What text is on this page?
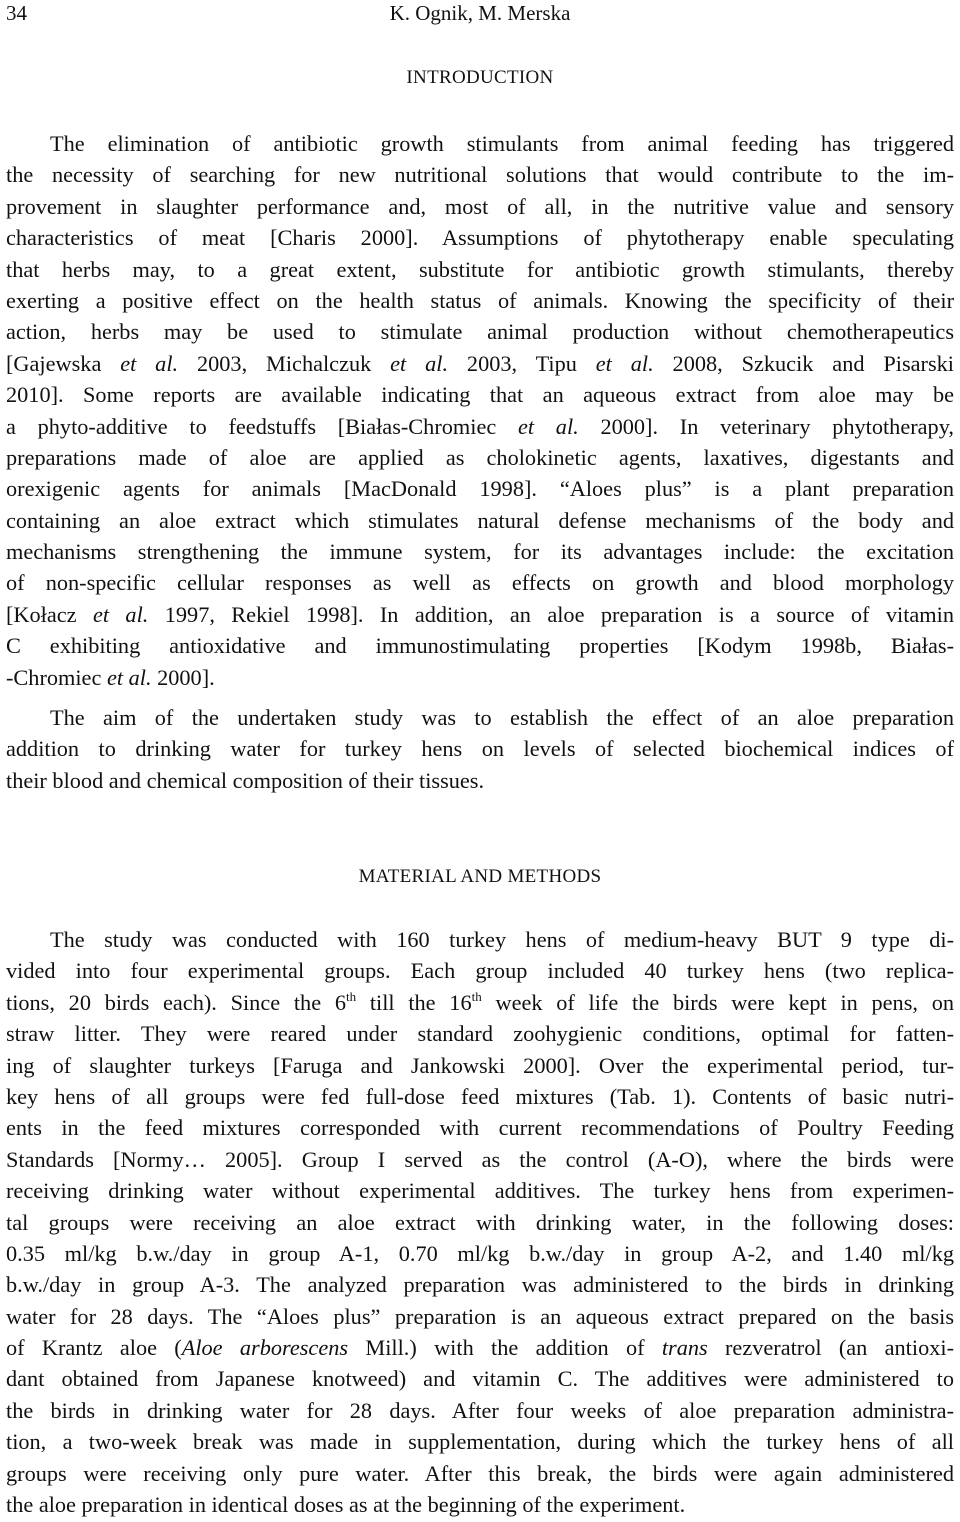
34	K. Ognik, M. Merska
INTRODUCTION
The elimination of antibiotic growth stimulants from animal feeding has triggered
the necessity of searching for new nutritional solutions that would contribute to the im-
provement in slaughter performance and, most of all, in the nutritive value and sensory
characteristics of meat [Charis 2000]. Assumptions of phytotherapy enable speculating
that herbs may, to a great extent, substitute for antibiotic growth stimulants, thereby
exerting a positive effect on the health status of animals. Knowing the specificity of their
action, herbs may be used to stimulate animal production without chemotherapeutics
[Gajewska et al. 2003, Michalczuk et al. 2003, Tipu et al. 2008, Szkucik and Pisarski
2010]. Some reports are available indicating that an aqueous extract from aloe may be
a phyto-additive to feedstuffs [Białas-Chromiec et al. 2000]. In veterinary phytotherapy,
preparations made of aloe are applied as cholokinetic agents, laxatives, digestants and
orexigenic agents for animals [MacDonald 1998]. “Aloes plus” is a plant preparation
containing an aloe extract which stimulates natural defense mechanisms of the body and
mechanisms strengthening the immune system, for its advantages include: the excitation
of non-specific cellular responses as well as effects on growth and blood morphology
[Kołacz et al. 1997, Rekiel 1998]. In addition, an aloe preparation is a source of vitamin
C exhibiting antioxidative and immunostimulating properties [Kodym 1998b, Białas-
-Chromiec et al. 2000].
The aim of the undertaken study was to establish the effect of an aloe preparation
addition to drinking water for turkey hens on levels of selected biochemical indices of
their blood and chemical composition of their tissues.
MATERIAL AND METHODS
The study was conducted with 160 turkey hens of medium-heavy BUT 9 type di-
vided into four experimental groups. Each group included 40 turkey hens (two replica-
tions, 20 birds each). Since the 6th till the 16th week of life the birds were kept in pens, on
straw litter. They were reared under standard zoohygienic conditions, optimal for fatten-
ing of slaughter turkeys [Faruga and Jankowski 2000]. Over the experimental period, tur-
key hens of all groups were fed full-dose feed mixtures (Tab. 1). Contents of basic nutri-
ents in the feed mixtures corresponded with current recommendations of Poultry Feeding
Standards [Normy… 2005]. Group I served as the control (A-O), where the birds were
receiving drinking water without experimental additives. The turkey hens from experimen-
tal groups were receiving an aloe extract with drinking water, in the following doses:
0.35 ml/kg b.w./day in group A-1, 0.70 ml/kg b.w./day in group A-2, and 1.40 ml/kg
b.w./day in group A-3. The analyzed preparation was administered to the birds in drinking
water for 28 days. The “Aloes plus” preparation is an aqueous extract prepared on the basis
of Krantz aloe (Aloe arborescens Mill.) with the addition of trans rezveratrol (an antioxi-
dant obtained from Japanese knotweed) and vitamin C. The additives were administered to
the birds in drinking water for 28 days. After four weeks of aloe preparation administra-
tion, a two-week break was made in supplementation, during which the turkey hens of all
groups were receiving only pure water. After this break, the birds were again administered
the aloe preparation in identical doses as at the beginning of the experiment.
